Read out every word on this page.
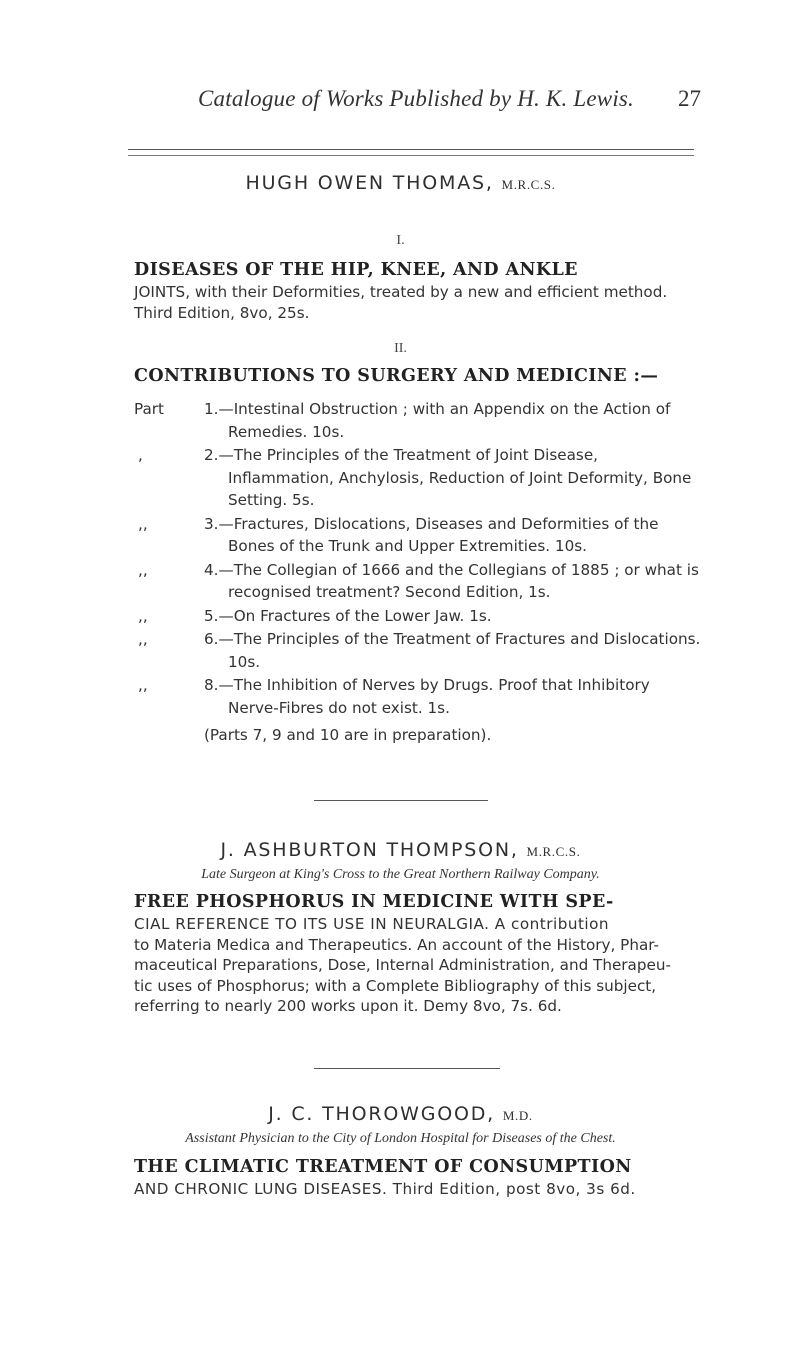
Catalogue of Works Published by H. K. Lewis. 27
HUGH OWEN THOMAS, M.R.C.S.
I.
DISEASES OF THE HIP, KNEE, AND ANKLE
JOINTS, with their Deformities, treated by a new and efficient method.
Third Edition, 8vo, 25s.
II.
CONTRIBUTIONS TO SURGERY AND MEDICINE :—
Part	1.—Intestinal Obstruction ; with an Appendix on the Action of Remedies. 10s.
,	2.—The Principles of the Treatment of Joint Disease, Inflammation, Anchylosis, Reduction of Joint Deformity, Bone Setting. 5s.
,,	3.—Fractures, Dislocations, Diseases and Deformities of the Bones of the Trunk and Upper Extremities. 10s.
,,	4.—The Collegian of 1666 and the Collegians of 1885 ; or what is recognised treatment? Second Edition, 1s.
,,	5.—On Fractures of the Lower Jaw. 1s.
,,	6.—The Principles of the Treatment of Fractures and Dislocations. 10s.
,,	8.—The Inhibition of Nerves by Drugs. Proof that Inhibitory Nerve-Fibres do not exist. 1s.
(Parts 7, 9 and 10 are in preparation).
J. ASHBURTON THOMPSON, M.R.C.S.
Late Surgeon at King's Cross to the Great Northern Railway Company.
FREE PHOSPHORUS IN MEDICINE WITH SPE-
CIAL REFERENCE TO ITS USE IN NEURALGIA. A contribution
to Materia Medica and Therapeutics. An account of the History, Phar-
maceutical Preparations, Dose, Internal Administration, and Therapeu-
tic uses of Phosphorus; with a Complete Bibliography of this subject,
referring to nearly 200 works upon it. Demy 8vo, 7s. 6d.
J. C. THOROWGOOD, M.D.
Assistant Physician to the City of London Hospital for Diseases of the Chest.
THE CLIMATIC TREATMENT OF CONSUMPTION
AND CHRONIC LUNG DISEASES. Third Edition, post 8vo, 3s 6d.
